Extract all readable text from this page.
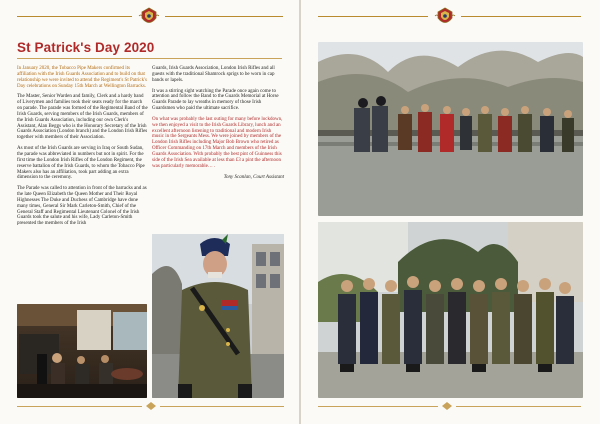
St Patrick's Day 2020

In January 2020, the Tobacco Pipe Makers confirmed its affiliation with the Irish Guards Association and to build on that relationship we were invited to attend the Regiment's St Patrick's Day celebrations on Sunday 15th March at Wellington Barracks.

The Master, Senior Warden and family, Clerk and a hardy band of Liverymen and families took their seats ready for the march on parade. The parade was formed of the Regimental Band of the Irish Guards, serving members of the Irish Guards, members of the Irish Guards Association, including our own Clerk's Assistant, Alan Beggs who is the Honorary Secretary of the Irish Guards Association (London branch) and the London Irish Rifles together with members of their Association.

As most of the Irish Guards are serving in Iraq or South Sudan, the parade was abbreviated in numbers but not in spirit. For the first time the London Irish Rifles of the London Regiment, the reserve battalion of the Irish Guards, to whom the Tobacco Pipe Makers also has an affiliation, took part adding an extra dimension to the ceremony.

The Parade was called to attention in front of the barracks and as the late Queen Elizabeth the Queen Mother and Their Royal Highnesses The Duke and Duchess of Cambridge have done many times, General Sir Mark Carleton-Smith, Chief of the General Staff and Regimental Lieutenant Colonel of the Irish Guards took the salute and his wife, Lady Carleton-Smith presented the members of the Irish

Guards, Irish Guards Association, London Irish Rifles and all guests with the traditional Shamrock sprigs to be worn in cap bands or lapels.

It was a stirring sight watching the Parade once again come to attention and follow the Band to the Guards Memorial at Horse Guards Parade to lay wreaths in memory of those Irish Guardsmen who paid the ultimate sacrifice.

On what was probably the last outing for many before lockdown, we then enjoyed a visit to the Irish Guards Library, lunch and an excellent afternoon listening to traditional and modern Irish music in the Sergeants Mess. We were joined by members of the London Irish Rifles including Major Bob Brown who retired as Officer Commanding on 17th March and members of the Irish Guards Association. With probably the best pint of Guinness this side of the Irish Sea available at less than £3 a pint the afternoon was particularly memorable… .

Tony Scanlan, Court Assistant
